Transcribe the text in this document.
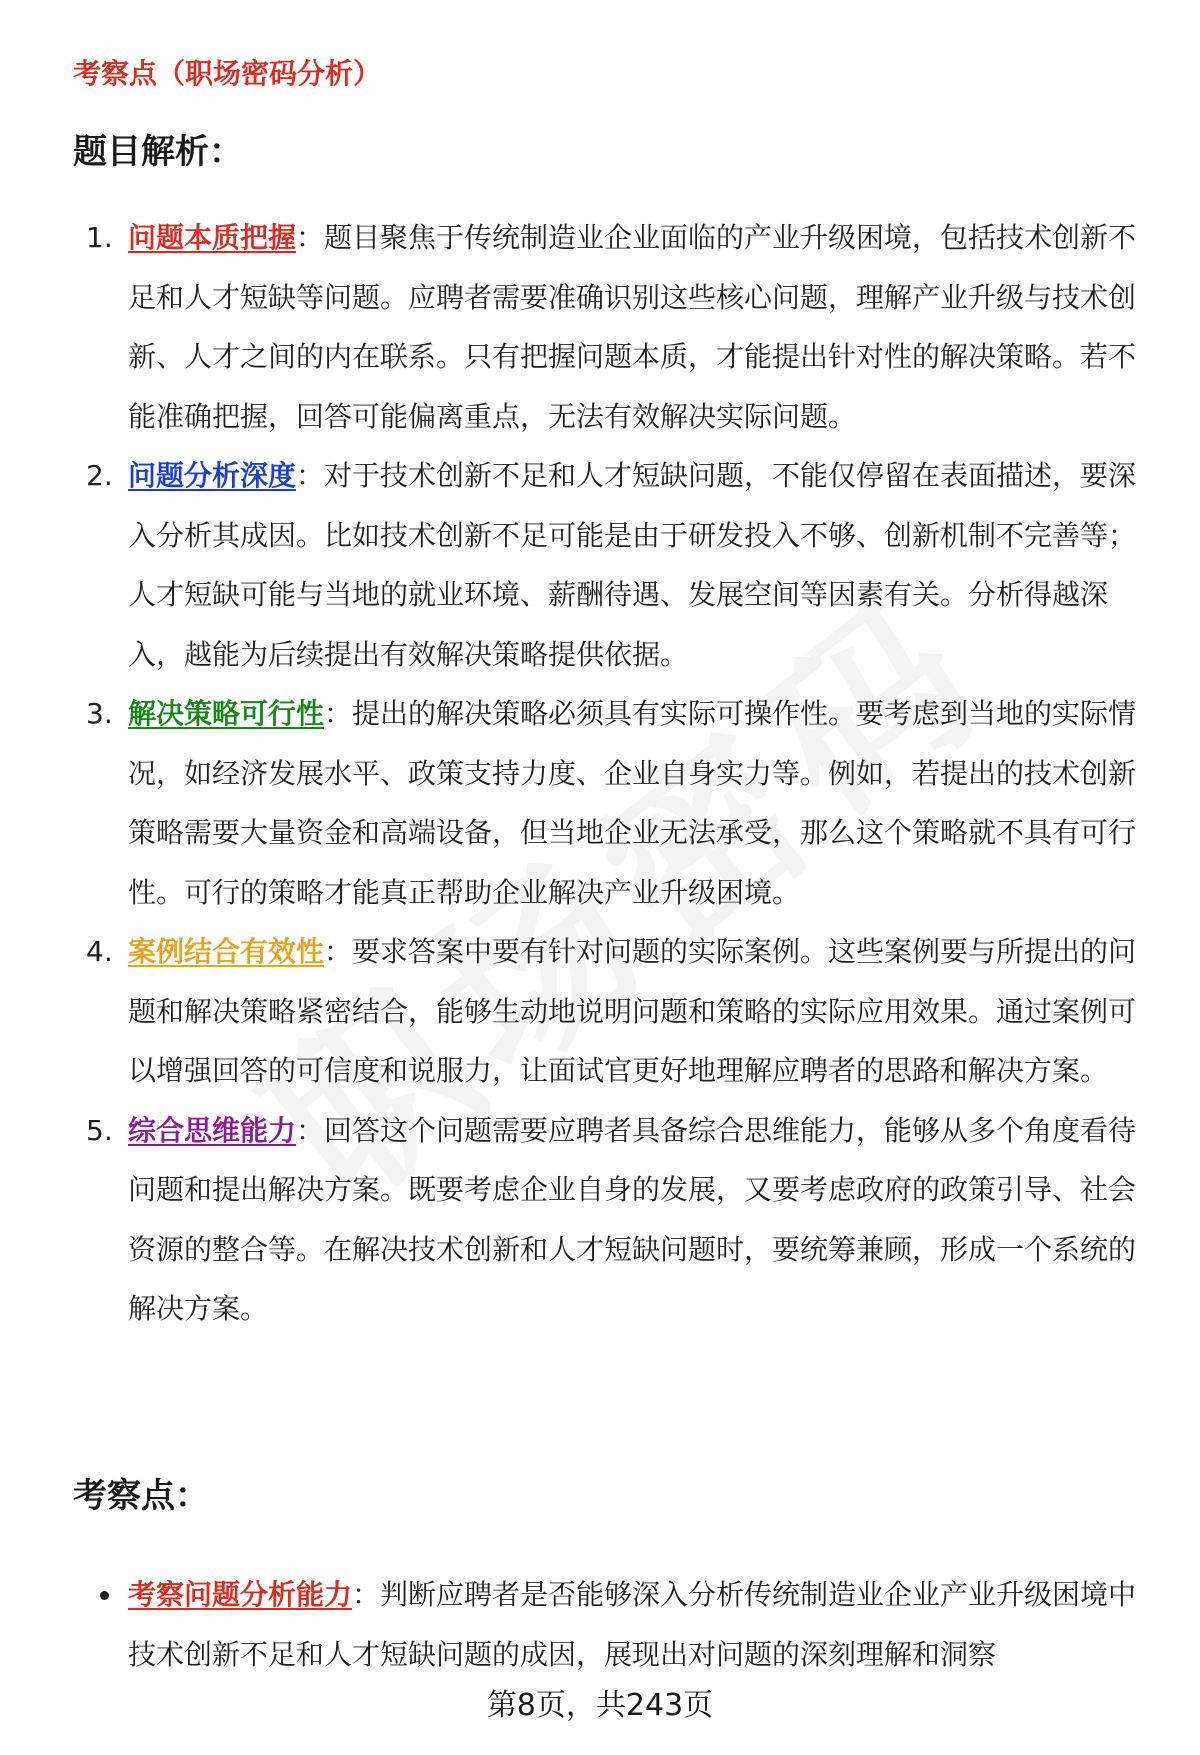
考察点（职场密码分析）
题目解析：
1. 问题本质把握：题目聚焦于传统制造业企业面临的产业升级困境，包括技术创新不足和人才短缺等问题。应聘者需要准确识别这些核心问题，理解产业升级与技术创新、人才之间的内在联系。只有把握问题本质，才能提出针对性的解决策略。若不能准确把握，回答可能偏离重点，无法有效解决实际问题。
2. 问题分析深度：对于技术创新不足和人才短缺问题，不能仅停留在表面描述，要深入分析其成因。比如技术创新不足可能是由于研发投入不够、创新机制不完善等；人才短缺可能与当地的就业环境、薪酬待遇、发展空间等因素有关。分析得越深入，越能为后续提出有效解决策略提供依据。
3. 解决策略可行性：提出的解决策略必须具有实际可操作性。要考虑到当地的实际情况，如经济发展水平、政策支持力度、企业自身实力等。例如，若提出的技术创新策略需要大量资金和高端设备，但当地企业无法承受，那么这个策略就不具有可行性。可行的策略才能真正帮助企业解决产业升级困境。
4. 案例结合有效性：要求答案中要有针对问题的实际案例。这些案例要与所提出的问题和解决策略紧密结合，能够生动地说明问题和策略的实际应用效果。通过案例可以增强回答的可信度和说服力，让面试官更好地理解应聘者的思路和解决方案。
5. 综合思维能力：回答这个问题需要应聘者具备综合思维能力，能够从多个角度看待问题和提出解决方案。既要考虑企业自身的发展，又要考虑政府的政策引导、社会资源的整合等。在解决技术创新和人才短缺问题时，要统筹兼顾，形成一个系统的解决方案。
考察点：
考察问题分析能力：判断应聘者是否能够深入分析传统制造业企业产业升级困境中技术创新不足和人才短缺问题的成因，展现出对问题的深刻理解和洞察
第8页，共243页
